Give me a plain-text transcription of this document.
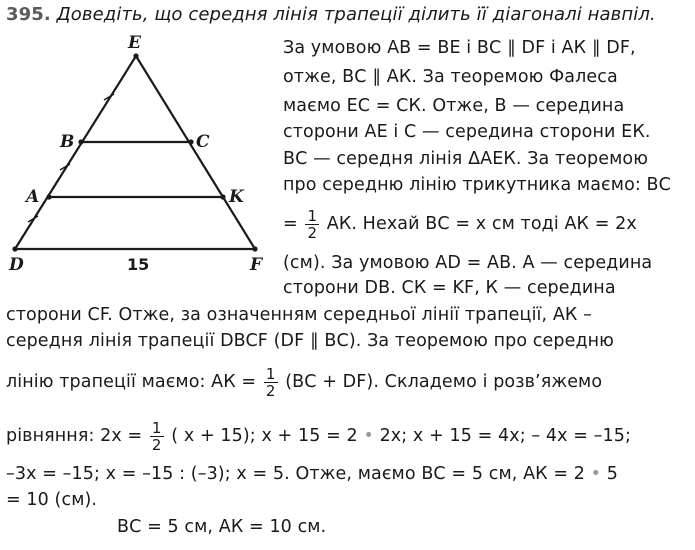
395. Доведіть, що середня лінія трапеції ділить її діагоналі навпіл.
E
B	C
A	K
D	F
15
За умовою АВ = ВЕ і ВС ∥ DF і АК ∥ DF,
отже, ВС ∥ АК. За теоремою Фалеса
маємо ЕС = СК. Отже, В — середина
сторони АЕ і С — середина сторони ЕК.
ВС — середня лінія ΔАЕК. За теоремою
про середню лінію трикутника маємо: ВС
= $\frac{1}{2}$ АК. Нехай ВС = х см тоді АК = 2х
(см). За умовою AD = АВ. А — середина
сторони DB. СК = KF, К — середина
сторони CF. Отже, за означенням середньої лінії трапеції, АК –
середня лінія трапеції DBCF (DF ∥ ВС). За теоремою про середню
лінію трапеції маємо: АК = $\frac{1}{2} (ВС + DF)$. Складемо і розв’яжемо
рівняння: $2х = \frac{1}{2}$ ( х + 15); х + 15 = 2 • 2х; х + 15 = 4х; – 4х = –15;
–3х = –15; х = –15 : (–3); х = 5. Отже, маємо ВС = 5 см, АК = 2 • 5
= 10 (см).
ВС = 5 см, АК = 10 см.
